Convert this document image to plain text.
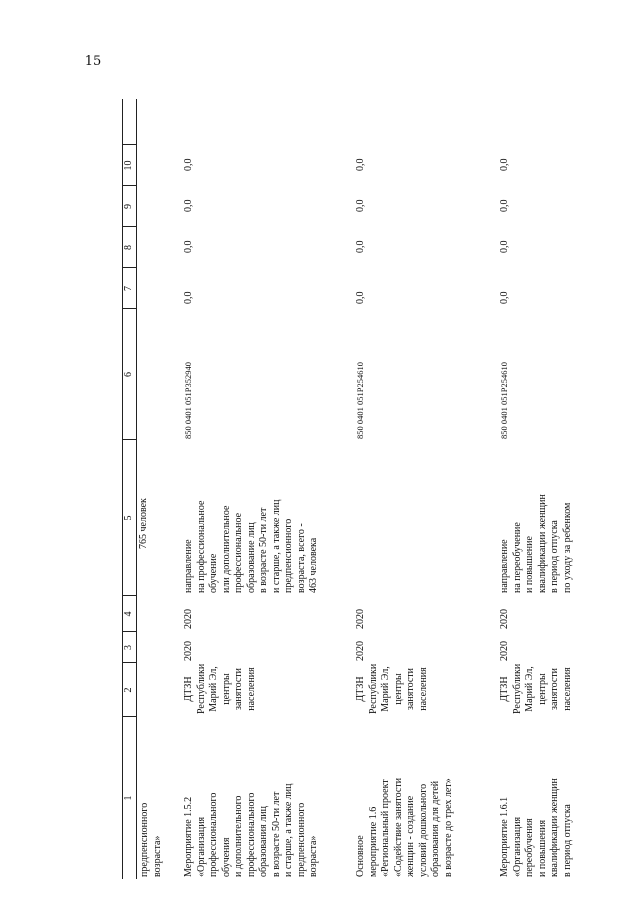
15
1
2
3
4
5
6
7
8
9
10
предпенсионного
возраста»
765 человек
Мероприятие 1.5.2
«Организация
профессионального
обучения
и дополнительного
профессионального
образования лиц
в возрасте 50-ти лет
и старше, а также лиц
предпенсионного
возраста»
ДТЗН
Республики
Марий Эл,
центры
занятости
населения
2020
2020
направление
на профессиональное
обучение
или дополнительное
профессиональное
образование лиц
в возрасте 50-ти лет
и старше, а также лиц
предпенсионного
возраста, всего -
463 человека
850 0401 051P352940
0,0
0,0
0,0
0,0
Основное
мероприятие 1.6
«Региональный проект
«Содействие занятости
женщин - создание
условий дошкольного
образования для детей
в возрасте до трех лет»
ДТЗН
Республики
Марий Эл,
центры
занятости
населения
2020
2020
850 0401 051P254610
0,0
0,0
0,0
0,0
Мероприятие 1.6.1
«Организация
переобучения
и повышения
квалификации женщин
в период отпуска
ДТЗН
Республики
Марий Эл,
центры
занятости
населения
2020
2020
направление
на переобучение
и повышение
квалификации женщин
в период отпуска
по уходу за ребенком
850 0401 051P254610
0,0
0,0
0,0
0,0
